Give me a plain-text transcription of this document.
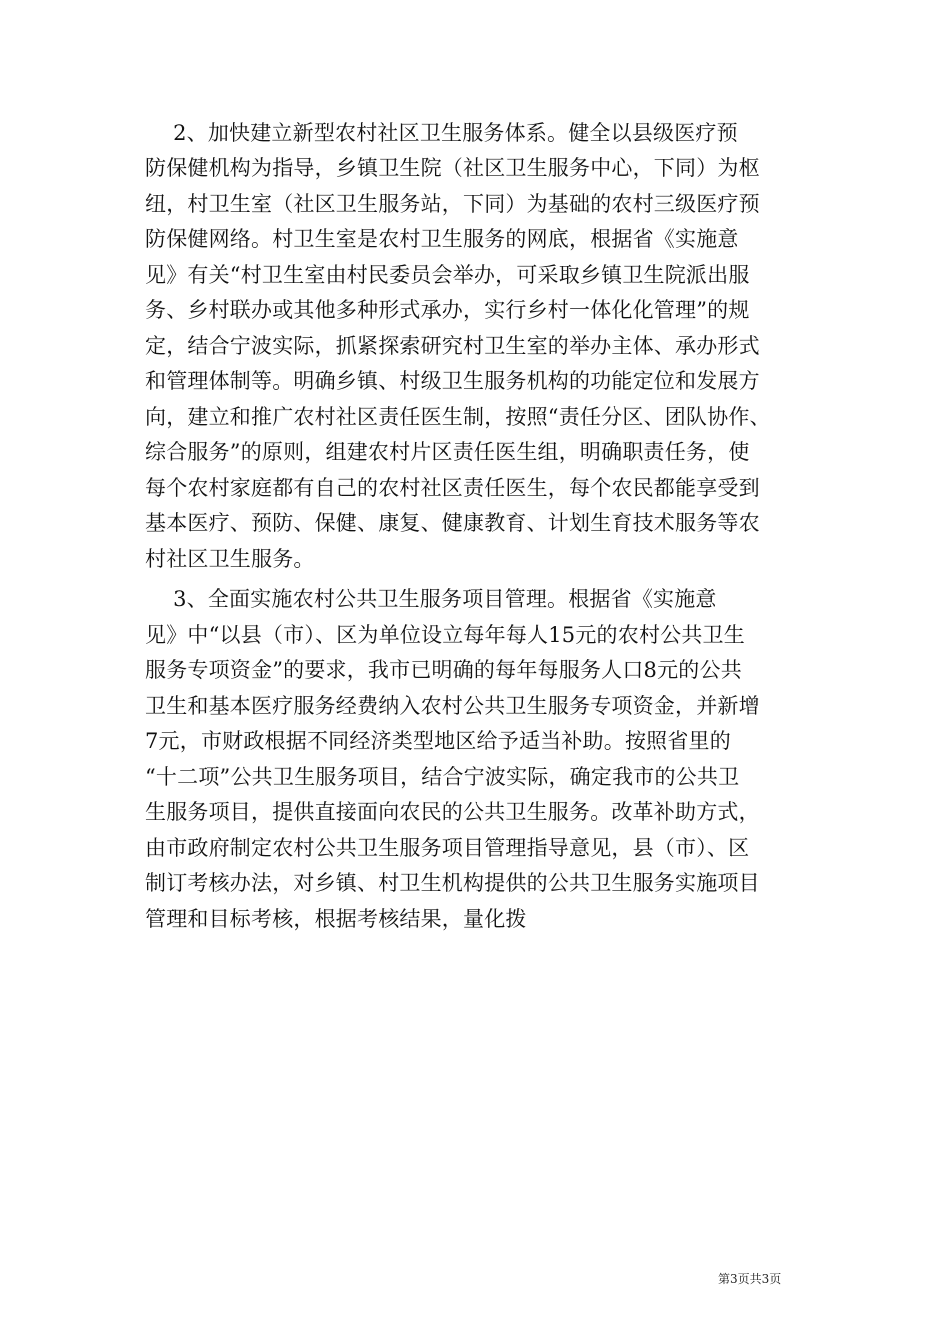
　 2、加快建立新型农村社区卫生服务体系。健全以县级医疗预
防保健机构为指导，乡镇卫生院（社区卫生服务中心，下同）为枢
纽，村卫生室（社区卫生服务站，下同）为基础的农村三级医疗预
防保健网络。村卫生室是农村卫生服务的网底，根据省《实施意
见》有关“村卫生室由村民委员会举办，可采取乡镇卫生院派出服
务、乡村联办或其他多种形式承办，实行乡村一体化化管理”的规
定，结合宁波实际，抓紧探索研究村卫生室的举办主体、承办形式
和管理体制等。明确乡镇、村级卫生服务机构的功能定位和发展方
向，建立和推广农村社区责任医生制，按照“责任分区、团队协作、
综合服务”的原则，组建农村片区责任医生组，明确职责任务，使
每个农村家庭都有自己的农村社区责任医生，每个农民都能享受到
基本医疗、预防、保健、康复、健康教育、计划生育技术服务等农
村社区卫生服务。
　 3、全面实施农村公共卫生服务项目管理。根据省《实施意
见》中“以县（市）、区为单位设立每年每人15元的农村公共卫生
服务专项资金”的要求，我市已明确的每年每服务人口8元的公共
卫生和基本医疗服务经费纳入农村公共卫生服务专项资金，并新增
7元，市财政根据不同经济类型地区给予适当补助。按照省里的
“十二项”公共卫生服务项目，结合宁波实际，确定我市的公共卫
生服务项目，提供直接面向农民的公共卫生服务。改革补助方式，
由市政府制定农村公共卫生服务项目管理指导意见，县（市）、区
制订考核办法，对乡镇、村卫生机构提供的公共卫生服务实施项目
管理和目标考核，根据考核结果，量化拨
第3页共3页
